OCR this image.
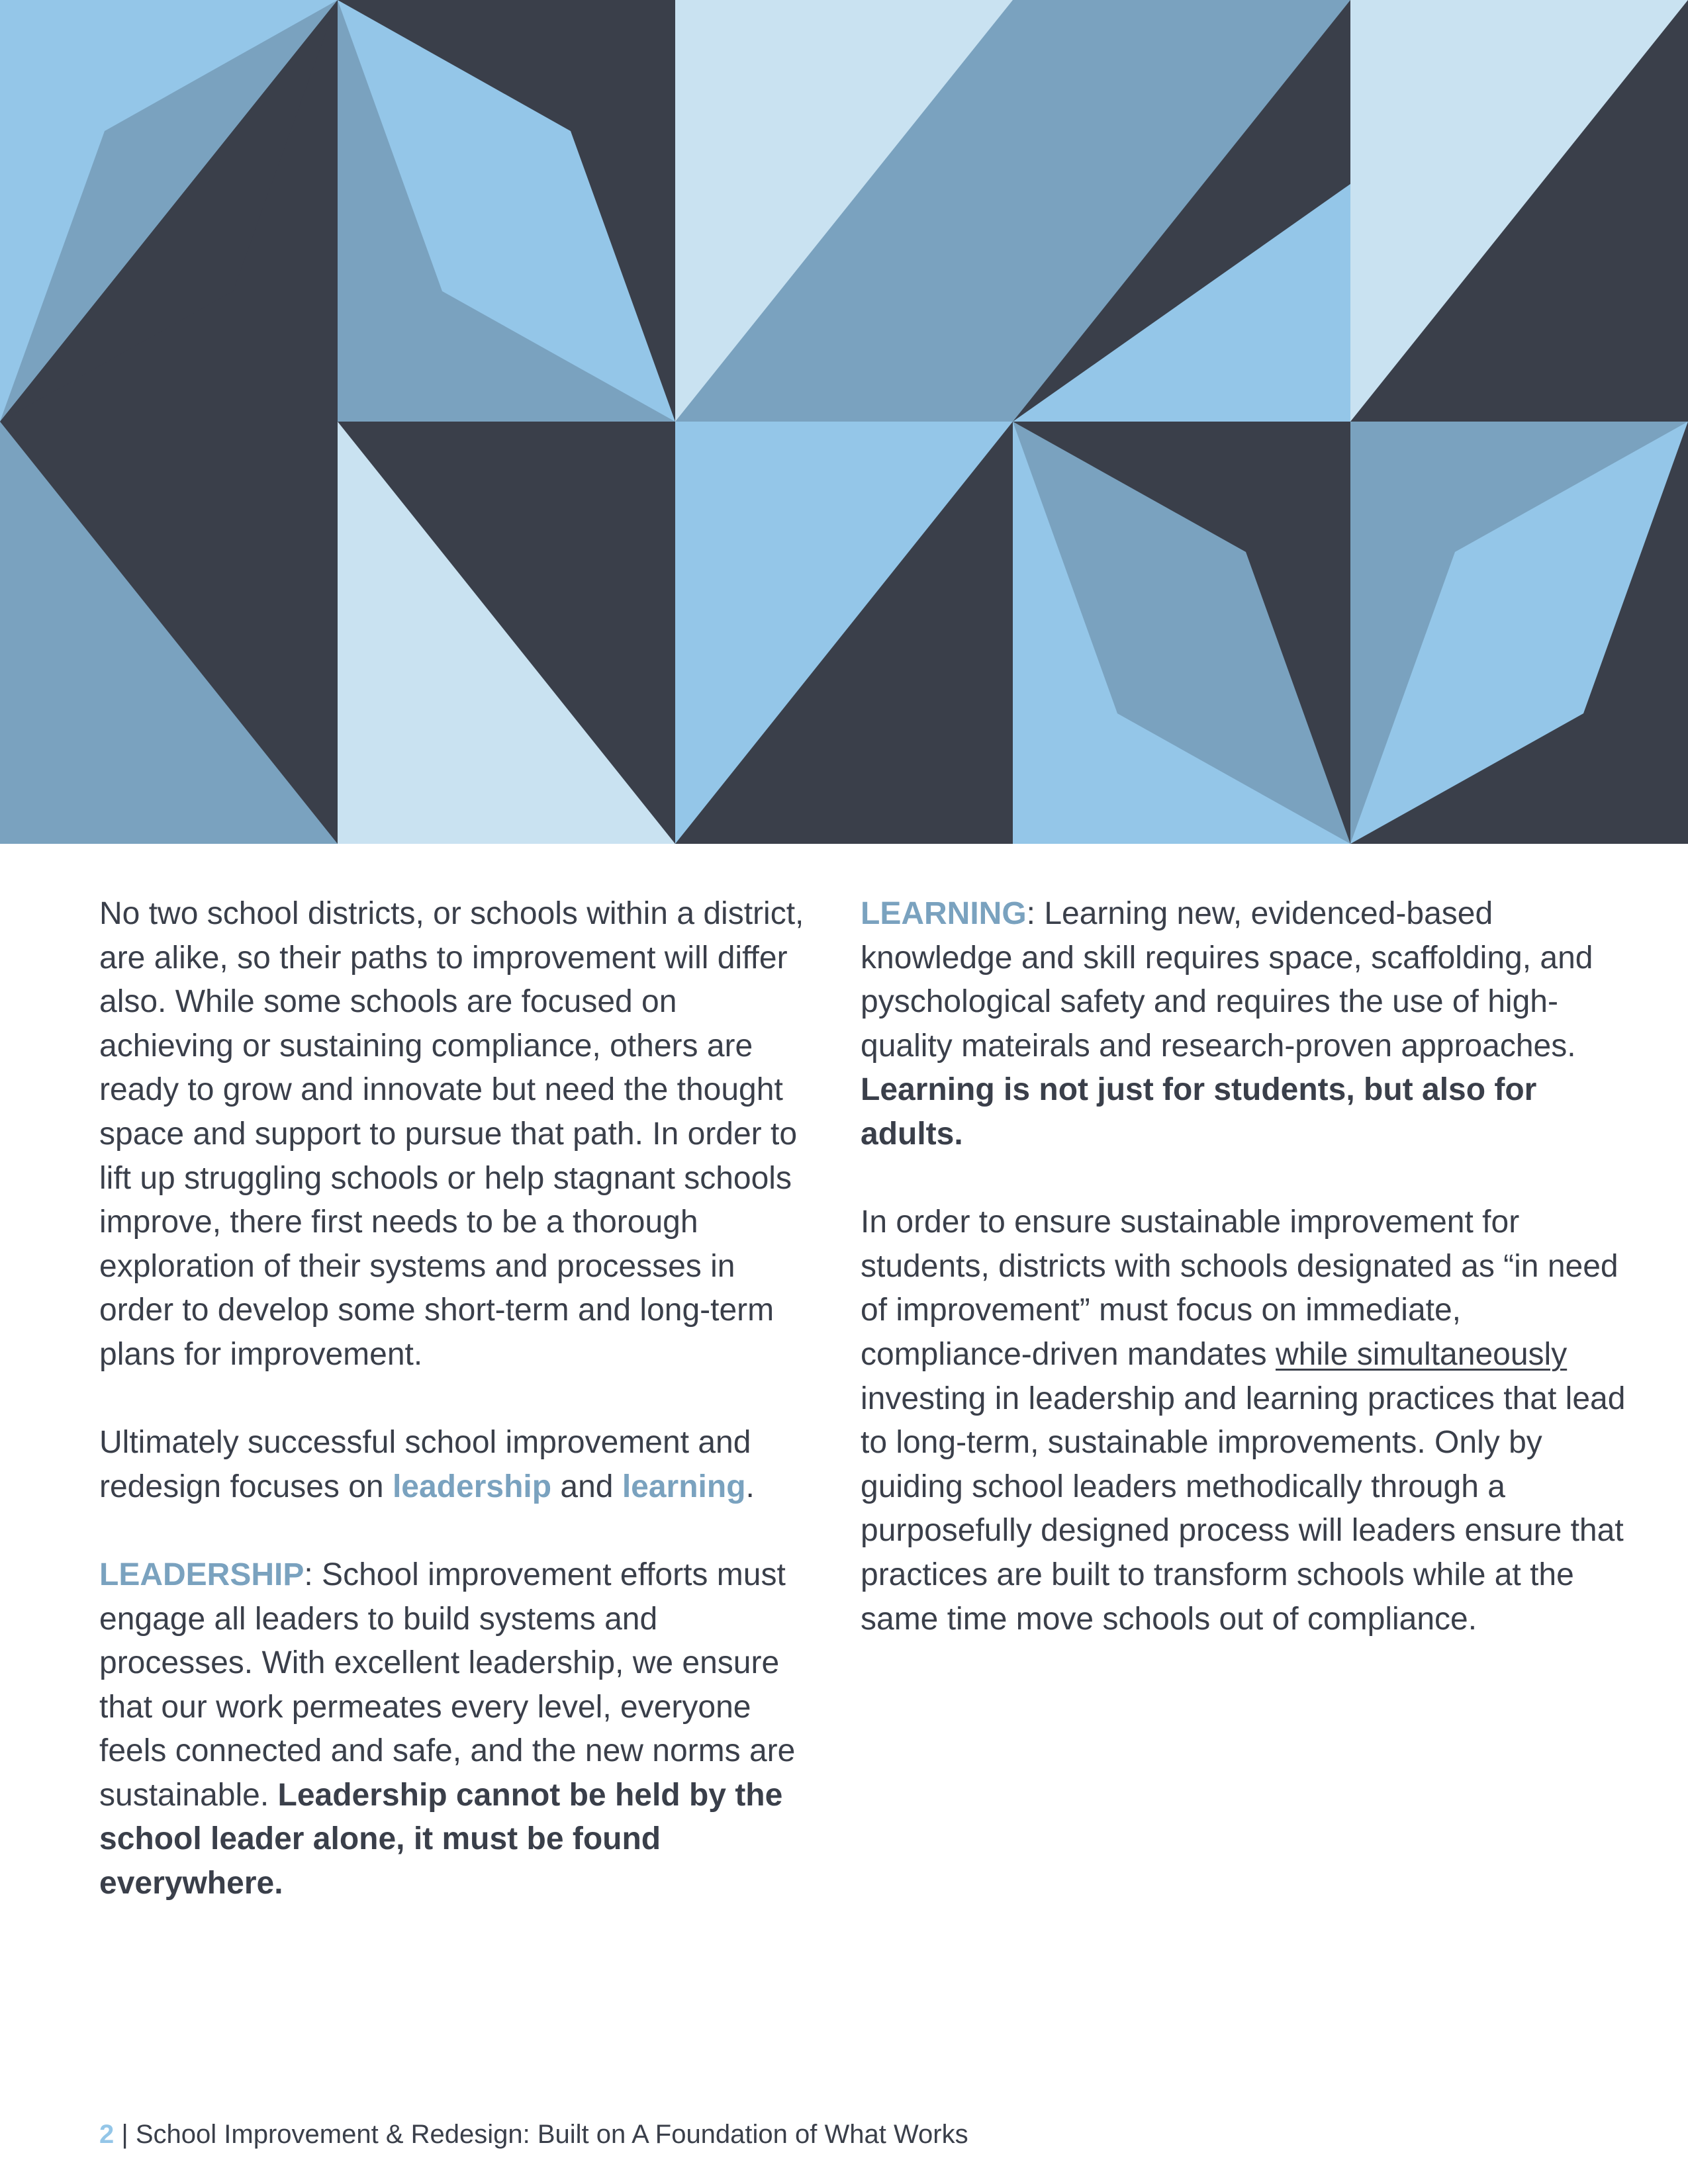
No two school districts, or schools within a district, are alike, so their paths to improvement will differ also. While some schools are focused on achieving or sustaining compliance, others are ready to grow and innovate but need the thought space and support to pursue that path. In order to lift up struggling schools or help stagnant schools improve, there first needs to be a thorough exploration of their systems and processes in order to develop some short-term and long-term plans for improvement.

Ultimately successful school improvement and redesign focuses on leadership and learning.

LEADERSHIP: School improvement efforts must engage all leaders to build systems and processes. With excellent leadership, we ensure that our work permeates every level, everyone feels connected and safe, and the new norms are sustainable. Leadership cannot be held by the school leader alone, it must be found everywhere.

LEARNING: Learning new, evidenced-based knowledge and skill requires space, scaffolding, and pyschological safety and requires the use of high-quality mateirals and research-proven approaches. Learning is not just for students, but also for adults.

In order to ensure sustainable improvement for students, districts with schools designated as “in need of improvement” must focus on immediate, compliance-driven mandates while simultaneously investing in leadership and learning practices that lead to long-term, sustainable improvements. Only by guiding school leaders methodically through a purposefully designed process will leaders ensure that practices are built to transform schools while at the same time move schools out of compliance.

2 | School Improvement & Redesign: Built on A Foundation of What Works
